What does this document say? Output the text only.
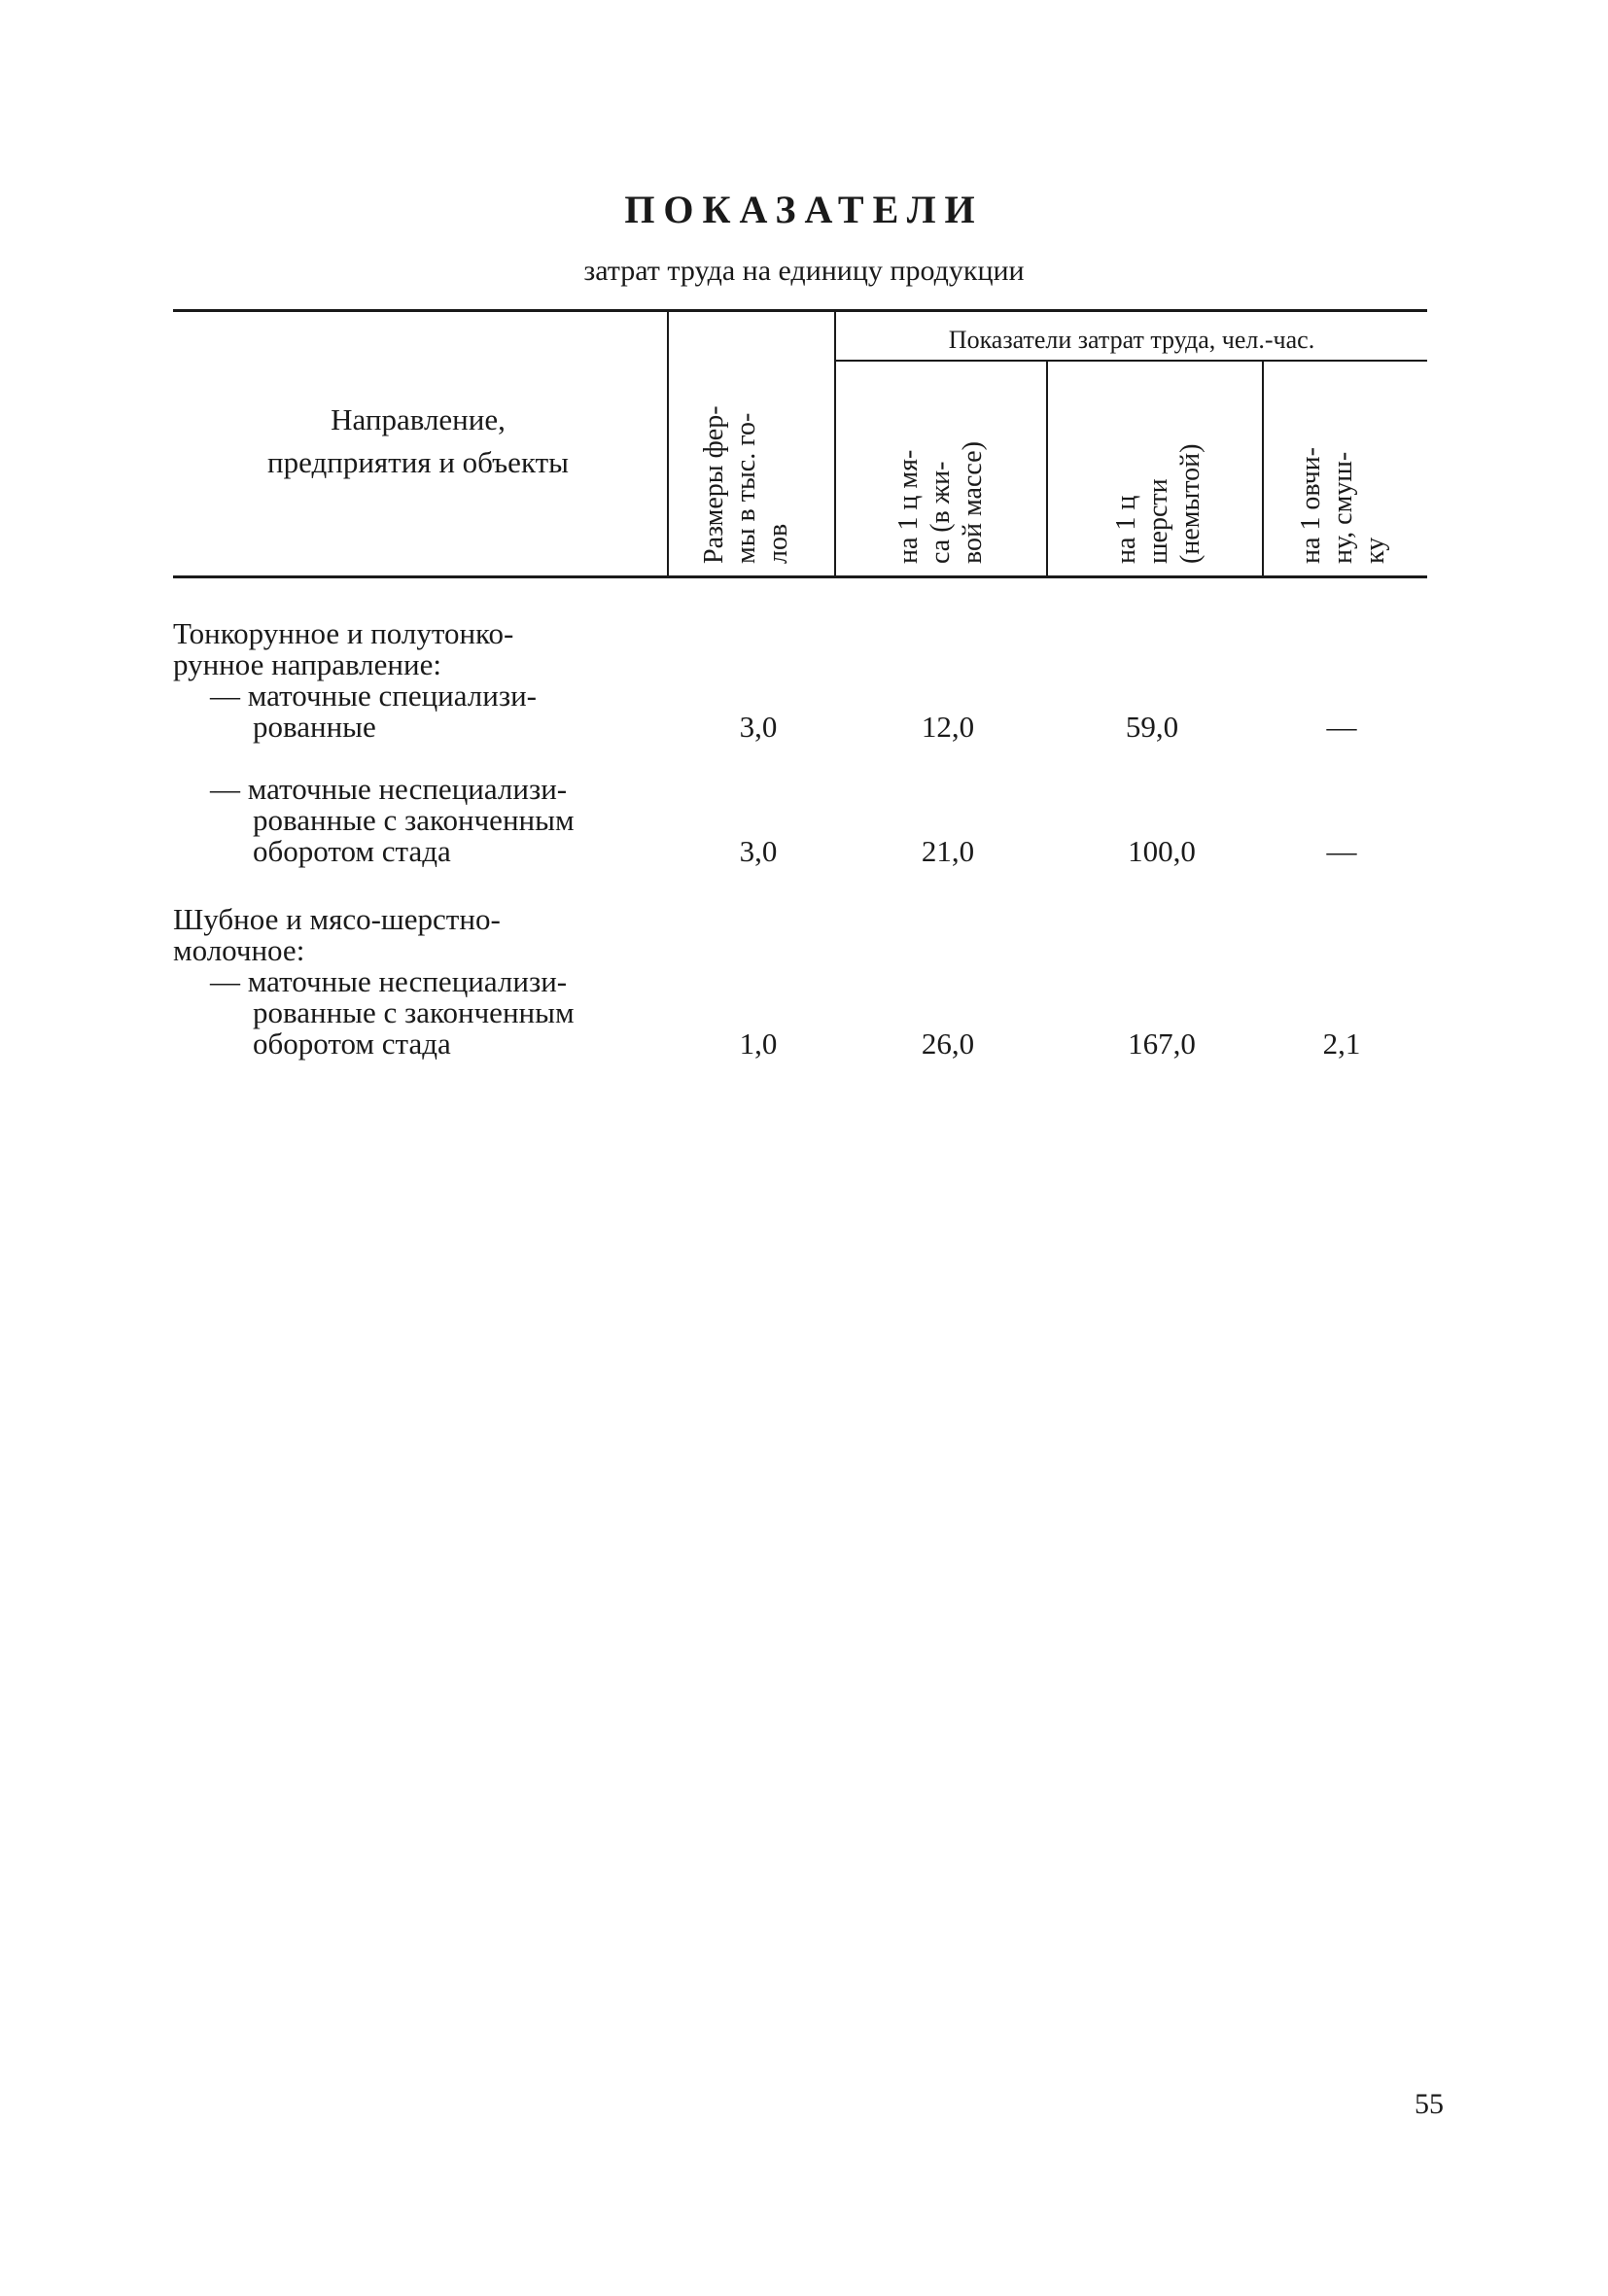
ПОКАЗАТЕЛИ
затрат труда на единицу продукции
Направление,
предприятия и объекты	Размеры фер- мы в тыс. го- лов
Показатели затрат труда, чел.-час.
на 1 ц мя- са (в жи- вой массе)	на 1 ц шерсти (немытой)	на 1 овчи- ну, смуш- ку
Тонкорунное и полутонко-
рунное направление:
— маточные специализи-
рованные	3,0	12,0	59,0	—
— маточные неспециализи-
рованные с законченным
оборотом стада	3,0	21,0	100,0	—
Шубное и мясо-шерстно-
молочное:
— маточные неспециализи-
рованные с законченным
оборотом стада	1,0	26,0	167,0	2,1
55
